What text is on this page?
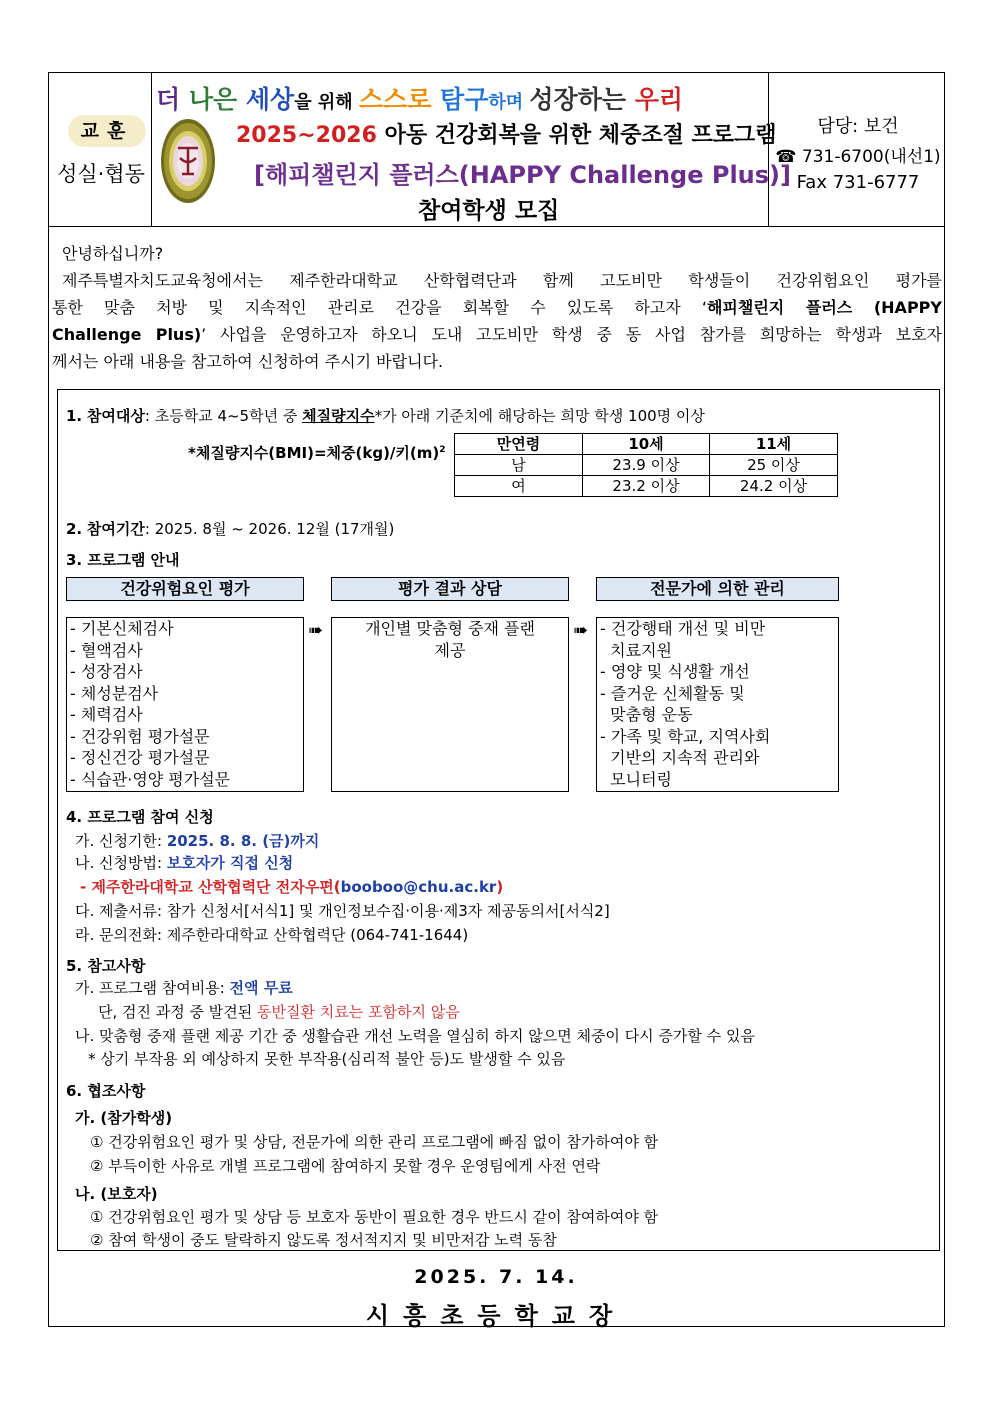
교훈
성실·협동
더 나은 세상을 위해 스스로 탐구하며 성장하는 우리
2025~2026 아동 건강회복을 위한 체중조절 프로그램
[해피챌린지 플러스(HAPPY Challenge Plus)]
참여학생 모집
담당: 보건
☎ 731-6700(내선1)
Fax 731-6777

안녕하십니까?

제주특별자치도교육청에서는 제주한라대학교 산학협력단과 함께 고도비만 학생들이 건강위험요인 평가를

통한 맞춤 처방 및 지속적인 관리로 건강을 회복할 수 있도록 하고자 ‘해피챌린지 플러스 (HAPPY

Challenge Plus)’ 사업을 운영하고자 하오니 도내 고도비만 학생 중 동 사업 참가를 희망하는 학생과 보호자

께서는 아래 내용을 참고하여 신청하여 주시기 바랍니다.

1. 참여대상: 초등학교 4~5학년 중 체질량지수*가 아래 기준치에 해당하는 희망 학생 100명 이상
*체질량지수(BMI)=체중(kg)/키$(m)^2$	만연령	10세	11세
남	23.9 이상	25 이상
여	23.2 이상	24.2 이상
2. 참여기간: 2025. 8월 ~ 2026. 12월 (17개월)
3. 프로그램 안내
건강위험요인 평가	평가 결과 상담	전문가에 의한 관리
- 기본신체검사
- 혈액검사
- 성장검사
- 체성분검사
- 체력검사
- 건강위험 평가설문
- 정신건강 평가설문
- 식습관·영양 평가설문
➠	개인별 맞춤형 중재 플랜
제공
➠ - 건강행태 개선 및 비만
치료지원
- 영양 및 식생활 개선
- 즐거운 신체활동 및
맞춤형 운동
- 가족 및 학교, 지역사회
기반의 지속적 관리와
모니터링
4. 프로그램 참여 신청
가. 신청기한: 2025. 8. 8. (금)까지
나. 신청방법: 보호자가 직접 신청
- 제주한라대학교 산학협력단 전자우편(booboo@chu.ac.kr)
다. 제출서류: 참가 신청서[서식1] 및 개인정보수집·이용·제3자 제공동의서[서식2]
라. 문의전화: 제주한라대학교 산학협력단 (064-741-1644)
5. 참고사항
가. 프로그램 참여비용: 전액 무료
단, 검진 과정 중 발견된 동반질환 치료는 포함하지 않음
나. 맞춤형 중재 플랜 제공 기간 중 생활습관 개선 노력을 열심히 하지 않으면 체중이 다시 증가할 수 있음
* 상기 부작용 외 예상하지 못한 부작용(심리적 불안 등)도 발생할 수 있음
6. 협조사항
가. (참가학생)
① 건강위험요인 평가 및 상담, 전문가에 의한 관리 프로그램에 빠짐 없이 참가하여야 함
② 부득이한 사유로 개별 프로그램에 참여하지 못할 경우 운영팀에게 사전 연락
나. (보호자)
① 건강위험요인 평가 및 상담 등 보호자 동반이 필요한 경우 반드시 같이 참여하여야 함
② 참여 학생이 중도 탈락하지 않도록 정서적지지 및 비만저감 노력 동참
2025. 7. 14.
시흥초등학교장
